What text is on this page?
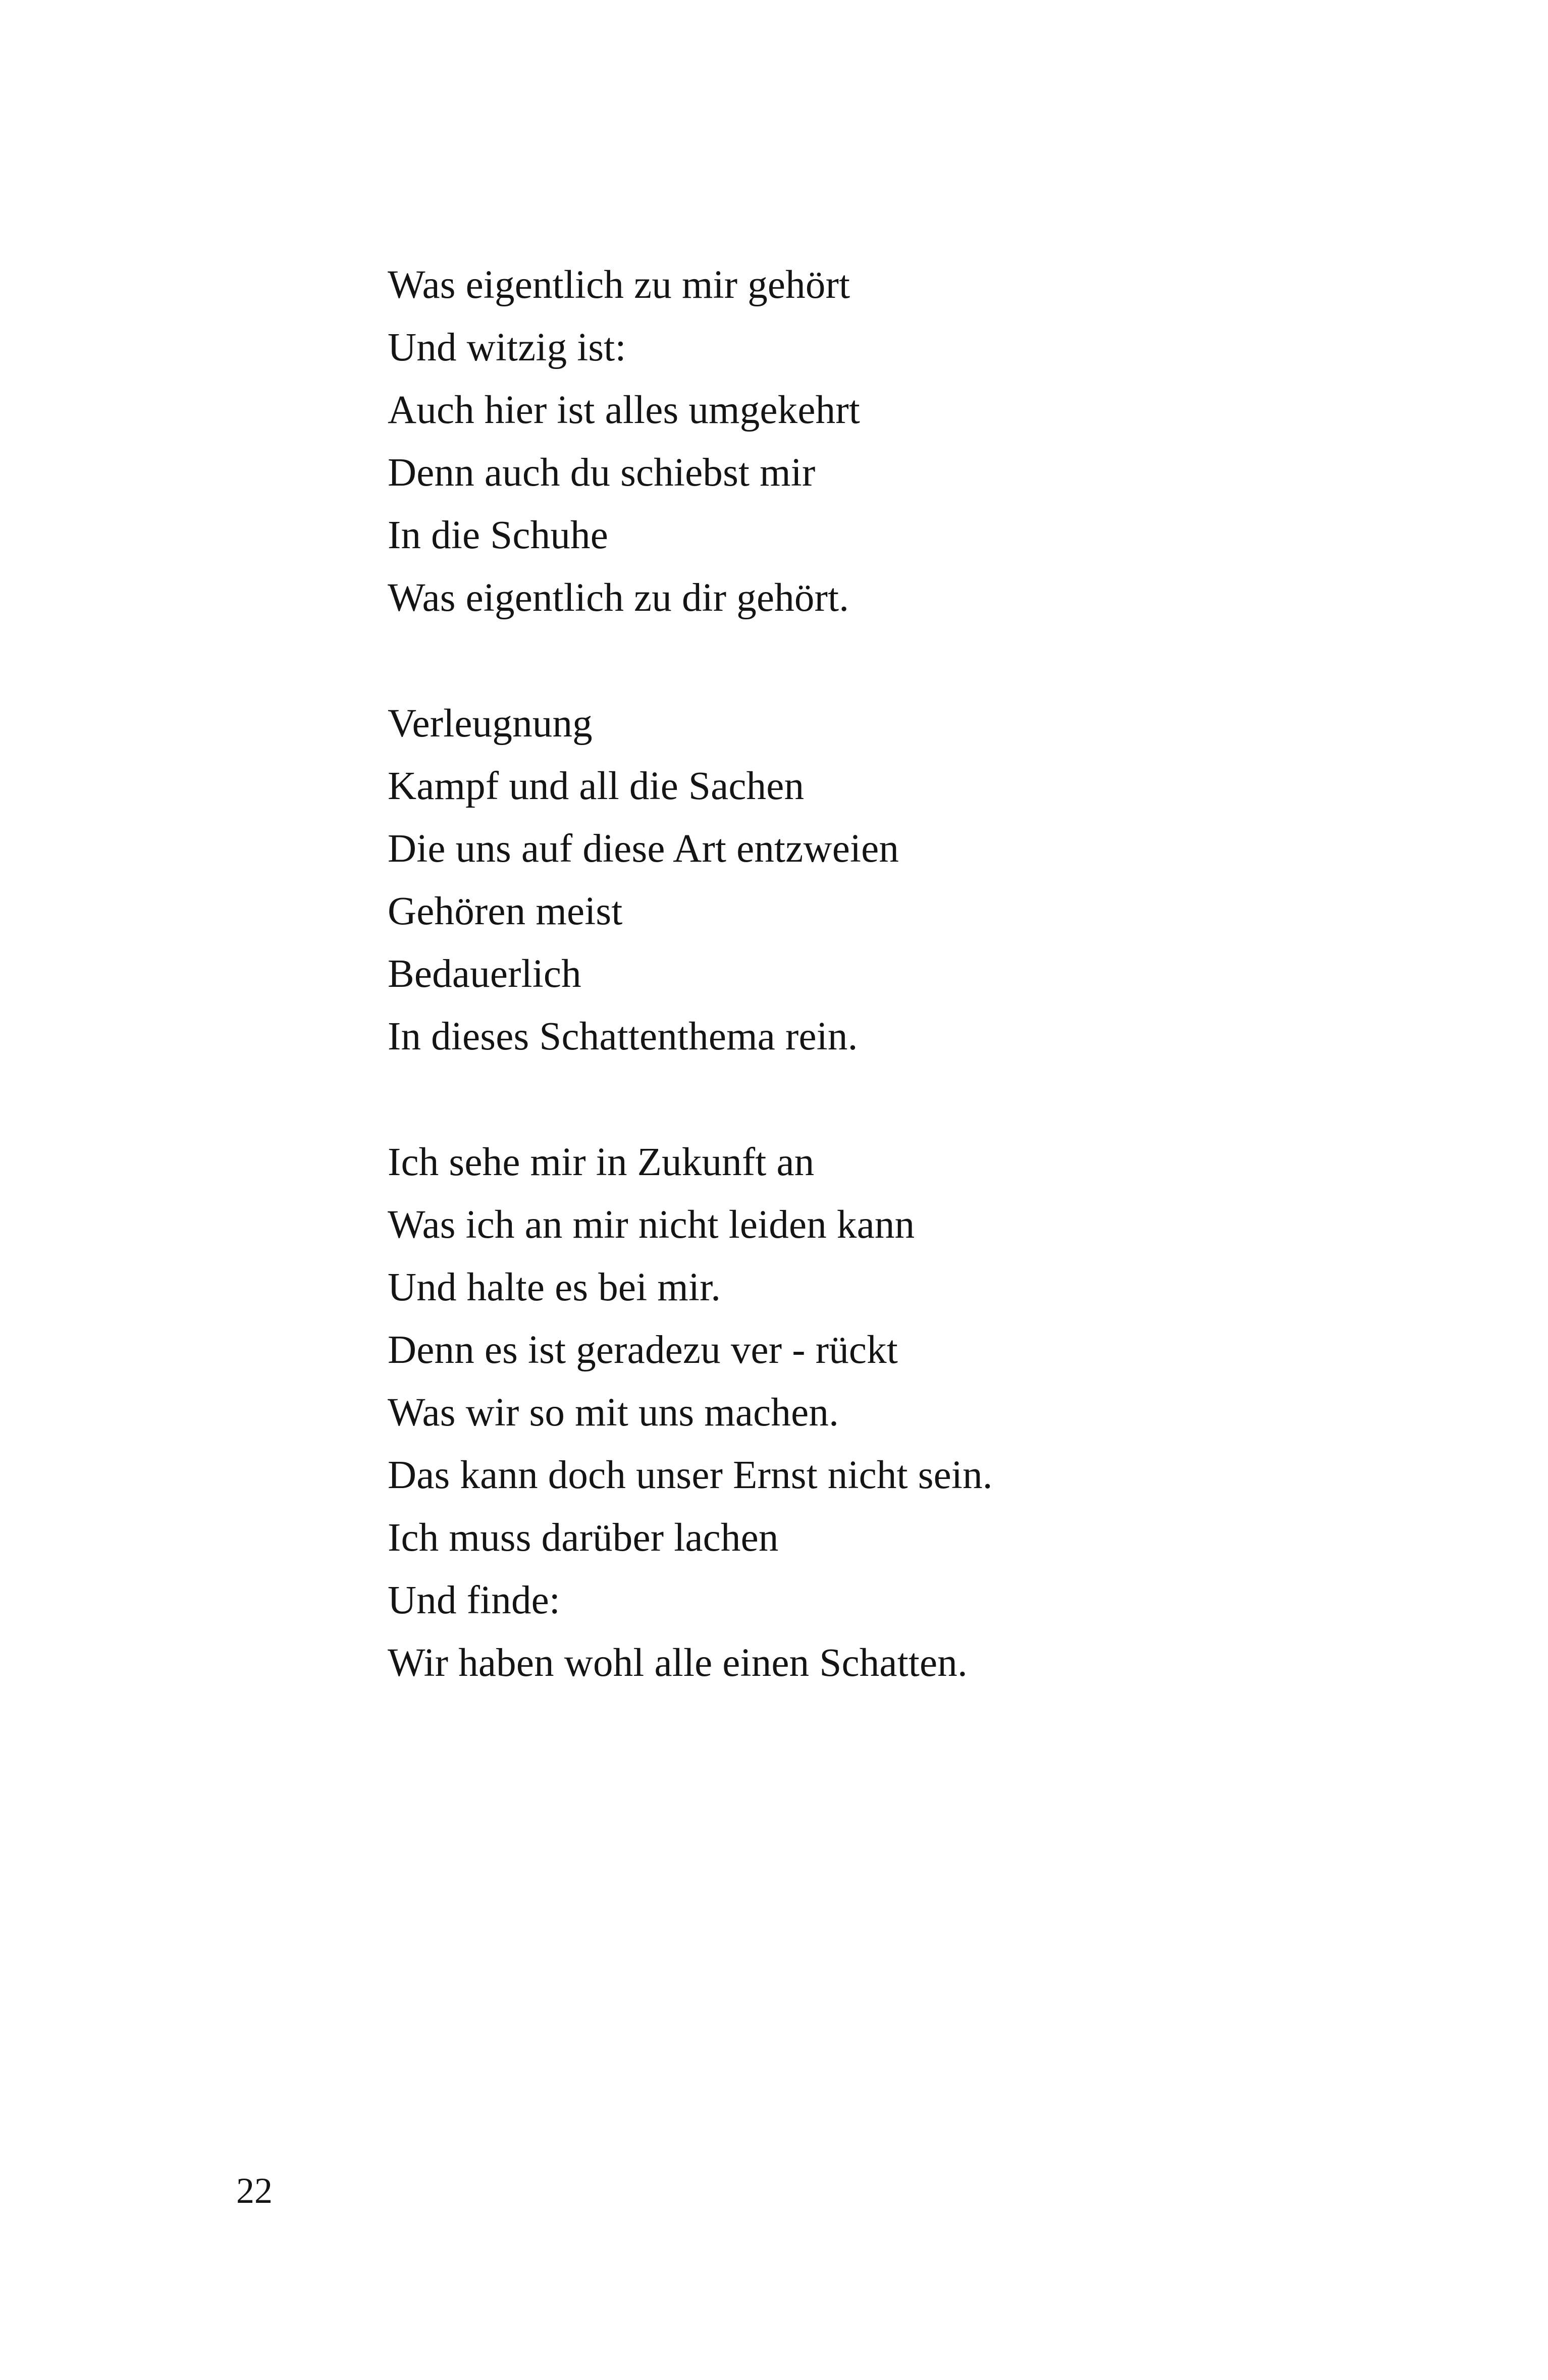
Was eigentlich zu mir gehört
Und witzig ist:
Auch hier ist alles umgekehrt
Denn auch du schiebst mir
In die Schuhe
Was eigentlich zu dir gehört.
Verleugnung
Kampf und all die Sachen
Die uns auf diese Art entzweien
Gehören meist
Bedauerlich
In dieses Schattenthema rein.
Ich sehe mir in Zukunft an
Was ich an mir nicht leiden kann
Und halte es bei mir.
Denn es ist geradezu ver - rückt
Was wir so mit uns machen.
Das kann doch unser Ernst nicht sein.
Ich muss darüber lachen
Und finde:
Wir haben wohl alle einen Schatten.
22
